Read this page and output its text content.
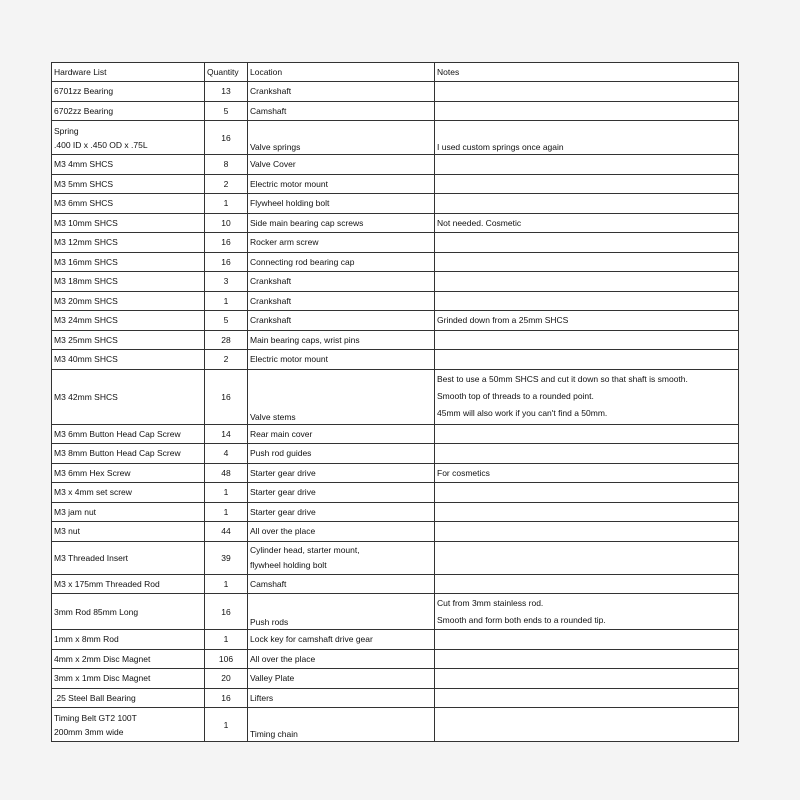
Hardware List	Quantity	Location	Notes
6701zz Bearing	13	Crankshaft	
6702zz Bearing	5	Camshaft	

Spring
.400 ID x .450 OD x .75L	16	Valve springs	I used custom springs once again
M3 4mm SHCS	8	Valve Cover	
M3 5mm SHCS	2	Electric motor mount	
M3 6mm SHCS	1	Flywheel holding bolt	
M3 10mm SHCS	10	Side main bearing cap screws	Not needed. Cosmetic
M3 12mm SHCS	16	Rocker arm screw	
M3 16mm SHCS	16	Connecting rod bearing cap	
M3 18mm SHCS	3	Crankshaft	
M3 20mm SHCS	1	Crankshaft	
M3 24mm SHCS	5	Crankshaft	Grinded down from a 25mm SHCS
M3 25mm SHCS	28	Main bearing caps, wrist pins	
M3 40mm SHCS	2	Electric motor mount	
M3 42mm SHCS	16	Valve stems	Best to use a 50mm SHCS and cut it down so that shaft is smooth.
Smooth top of threads to a rounded point.
45mm will also work if you can't find a 50mm.

M3 6mm Button Head Cap Screw	14	Rear main cover	
M3 8mm Button Head Cap Screw	4	Push rod guides	
M3 6mm Hex Screw	48	Starter gear drive	For cosmetics
M3 x 4mm set screw	1	Starter gear drive	
M3 jam nut	1	Starter gear drive	
M3 nut	44	All over the place	
M3 Threaded Insert	39	Cylinder head, starter mount,
flywheel holding bolt	

M3 x 175mm Threaded Rod	1	Camshaft	
3mm Rod 85mm Long	16	Push rods	Cut from 3mm stainless rod.
Smooth and form both ends to a rounded tip.

1mm x 8mm Rod	1	Lock key for camshaft drive gear	
4mm x 2mm Disc Magnet	106	All over the place	
3mm x 1mm Disc Magnet	20	Valley Plate	
.25 Steel Ball Bearing	16	Lifters	

Timing Belt GT2 100T
200mm 3mm wide	1	Timing chain	
